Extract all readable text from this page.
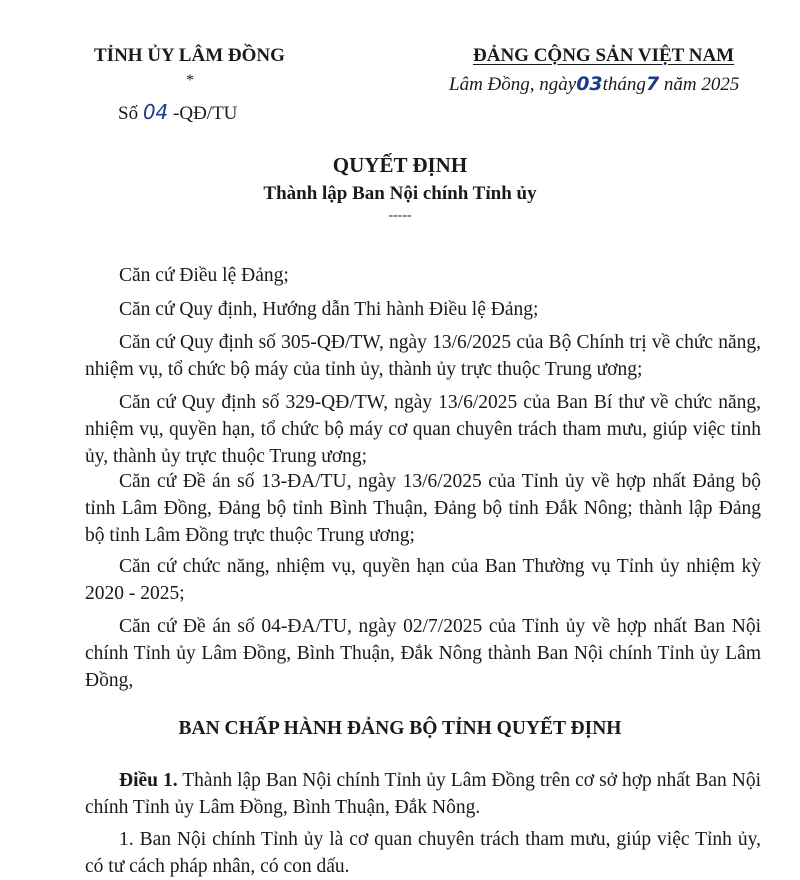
TỈNH ỦY LÂM ĐỒNG
*
Số 04 -QĐ/TU
ĐẢNG CỘNG SẢN VIỆT NAM
Lâm Đồng, ngày03tháng7 năm 2025
QUYẾT ĐỊNH
Thành lập Ban Nội chính Tỉnh ủy
-----
Căn cứ Điều lệ Đảng;
Căn cứ Quy định, Hướng dẫn Thi hành Điều lệ Đảng;
Căn cứ Quy định số 305-QĐ/TW, ngày 13/6/2025 của Bộ Chính trị về chức năng, nhiệm vụ, tổ chức bộ máy của tỉnh ủy, thành ủy trực thuộc Trung ương;
Căn cứ Quy định số 329-QĐ/TW, ngày 13/6/2025 của Ban Bí thư về chức năng, nhiệm vụ, quyền hạn, tổ chức bộ máy cơ quan chuyên trách tham mưu, giúp việc tỉnh ủy, thành ủy trực thuộc Trung ương;
Căn cứ Đề án số 13-ĐA/TU, ngày 13/6/2025 của Tỉnh ủy về hợp nhất Đảng bộ tỉnh Lâm Đồng, Đảng bộ tỉnh Bình Thuận, Đảng bộ tỉnh Đắk Nông; thành lập Đảng bộ tỉnh Lâm Đồng trực thuộc Trung ương;
Căn cứ chức năng, nhiệm vụ, quyền hạn của Ban Thường vụ Tỉnh ủy nhiệm kỳ 2020 - 2025;
Căn cứ Đề án số 04-ĐA/TU, ngày 02/7/2025 của Tỉnh ủy về hợp nhất Ban Nội chính Tỉnh ủy Lâm Đồng, Bình Thuận, Đắk Nông thành Ban Nội chính Tỉnh ủy Lâm Đồng,
BAN CHẤP HÀNH ĐẢNG BỘ TỈNH QUYẾT ĐỊNH
Điều 1. Thành lập Ban Nội chính Tỉnh ủy Lâm Đồng trên cơ sở hợp nhất Ban Nội chính Tỉnh ủy Lâm Đồng, Bình Thuận, Đắk Nông.
1. Ban Nội chính Tỉnh ủy là cơ quan chuyên trách tham mưu, giúp việc Tỉnh ủy, có tư cách pháp nhân, có con dấu.
